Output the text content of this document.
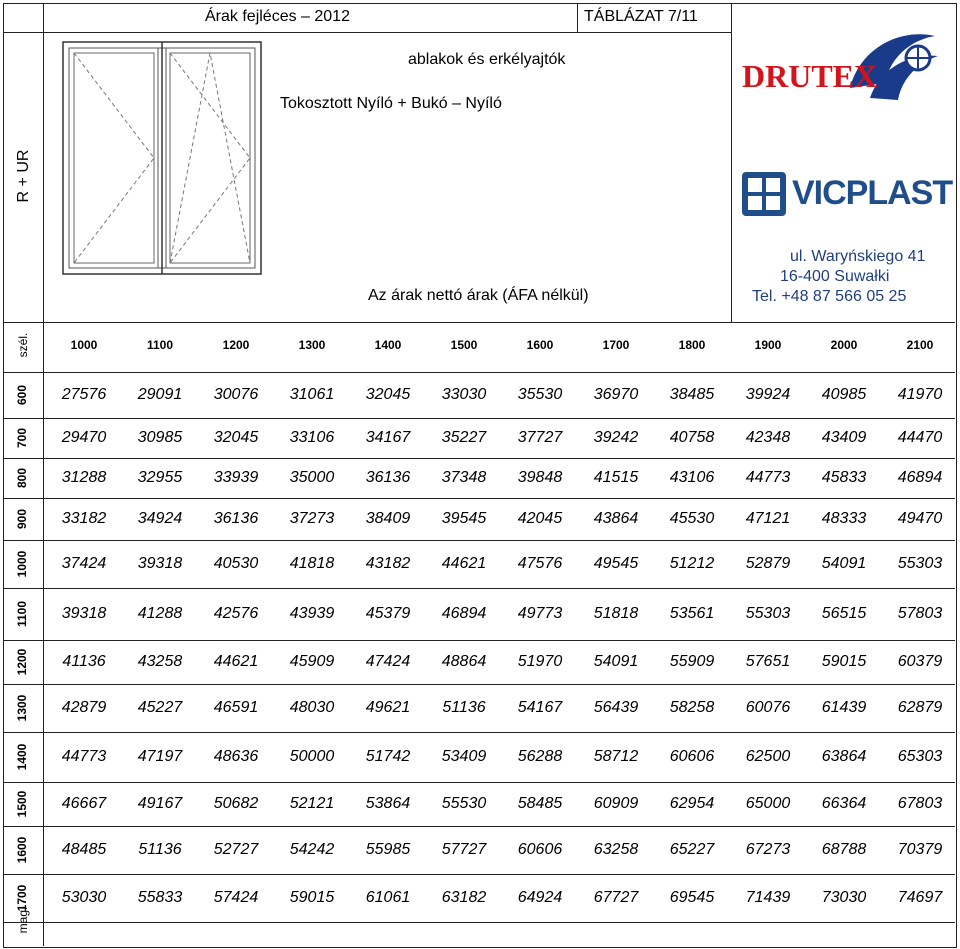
Árak fejléces – 2012	TÁBLÁZAT 7/11
ablakok és erkélyajtók
Tokosztott Nyíló + Bukó – Nyíló
Az árak nettó árak (ÁFA nélkül)
R + UR
DRUTEX
VICPLAST
ul. Waryńskiego 41
16-400 Suwałki
Tel. +48 87 566 05 25
szél.
mag.
1000	1100	1200	1300	1400	1500	1600	1700	1800	1900	2000	2100
600	27576	29091	30076	31061	32045	33030	35530	36970	38485	39924	40985	41970
700	29470	30985	32045	33106	34167	35227	37727	39242	40758	42348	43409	44470
800	31288	32955	33939	35000	36136	37348	39848	41515	43106	44773	45833	46894
900	33182	34924	36136	37273	38409	39545	42045	43864	45530	47121	48333	49470
1000	37424	39318	40530	41818	43182	44621	47576	49545	51212	52879	54091	55303
1100	39318	41288	42576	43939	45379	46894	49773	51818	53561	55303	56515	57803
1200	41136	43258	44621	45909	47424	48864	51970	54091	55909	57651	59015	60379
1300	42879	45227	46591	48030	49621	51136	54167	56439	58258	60076	61439	62879
1400	44773	47197	48636	50000	51742	53409	56288	58712	60606	62500	63864	65303
1500	46667	49167	50682	52121	53864	55530	58485	60909	62954	65000	66364	67803
1600	48485	51136	52727	54242	55985	57727	60606	63258	65227	67273	68788	70379
1700	53030	55833	57424	59015	61061	63182	64924	67727	69545	71439	73030	74697
